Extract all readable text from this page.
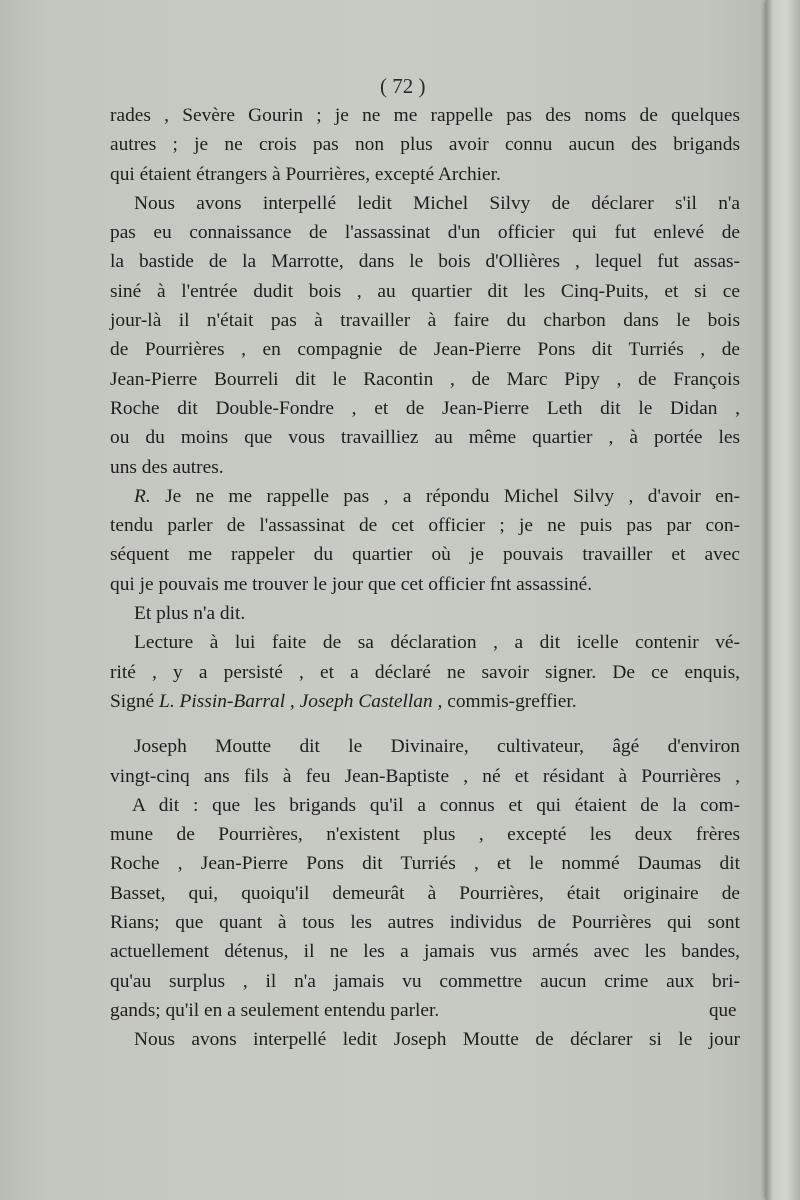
( 72 )
rades , Sevère Gourin ; je ne me rappelle pas des noms de quelques
autres ; je ne crois pas non plus avoir connu aucun des brigands
qui étaient étrangers à Pourrières, excepté Archier.
Nous avons interpellé ledit Michel Silvy de déclarer s'il n'a
pas eu connaissance de l'assassinat d'un officier qui fut enlevé de
la bastide de la Marrotte, dans le bois d'Ollières , lequel fut assas-
siné à l'entrée dudit bois , au quartier dit les Cinq-Puits, et si ce
jour-là il n'était pas à travailler à faire du charbon dans le bois
de Pourrières , en compagnie de Jean-Pierre Pons dit Turriés , de
Jean-Pierre Bourreli dit le Racontin , de Marc Pipy , de François
Roche dit Double-Fondre , et de Jean-Pierre Leth dit le Didan ,
ou du moins que vous travailliez au même quartier , à portée les
uns des autres.
R. Je ne me rappelle pas , a répondu Michel Silvy , d'avoir en-
tendu parler de l'assassinat de cet officier ; je ne puis pas par con-
séquent me rappeler du quartier où je pouvais travailler et avec
qui je pouvais me trouver le jour que cet officier fnt assassiné.
Et plus n'a dit.
Lecture à lui faite de sa déclaration , a dit icelle contenir vé-
rité , y a persisté , et a déclaré ne savoir signer. De ce enquis,
Signé L. Pissin-Barral , Joseph Castellan , commis-greffier.
Joseph Moutte dit le Divinaire, cultivateur, âgé d'environ
vingt-cinq ans fils à feu Jean-Baptiste , né et résidant à Pourrières ,
A dit : que les brigands qu'il a connus et qui étaient de la com-
mune de Pourrières, n'existent plus , excepté les deux frères
Roche , Jean-Pierre Pons dit Turriés , et le nommé Daumas dit
Basset, qui, quoiqu'il demeurât à Pourrières, était originaire de
Rians; que quant à tous les autres individus de Pourrières qui sont
actuellement détenus, il ne les a jamais vus armés avec les bandes,
qu'au surplus , il n'a jamais vu commettre aucun crime aux bri-
gands; qu'il en a seulement entendu parler.
Nous avons interpellé ledit Joseph Moutte de déclarer si le jour
que
